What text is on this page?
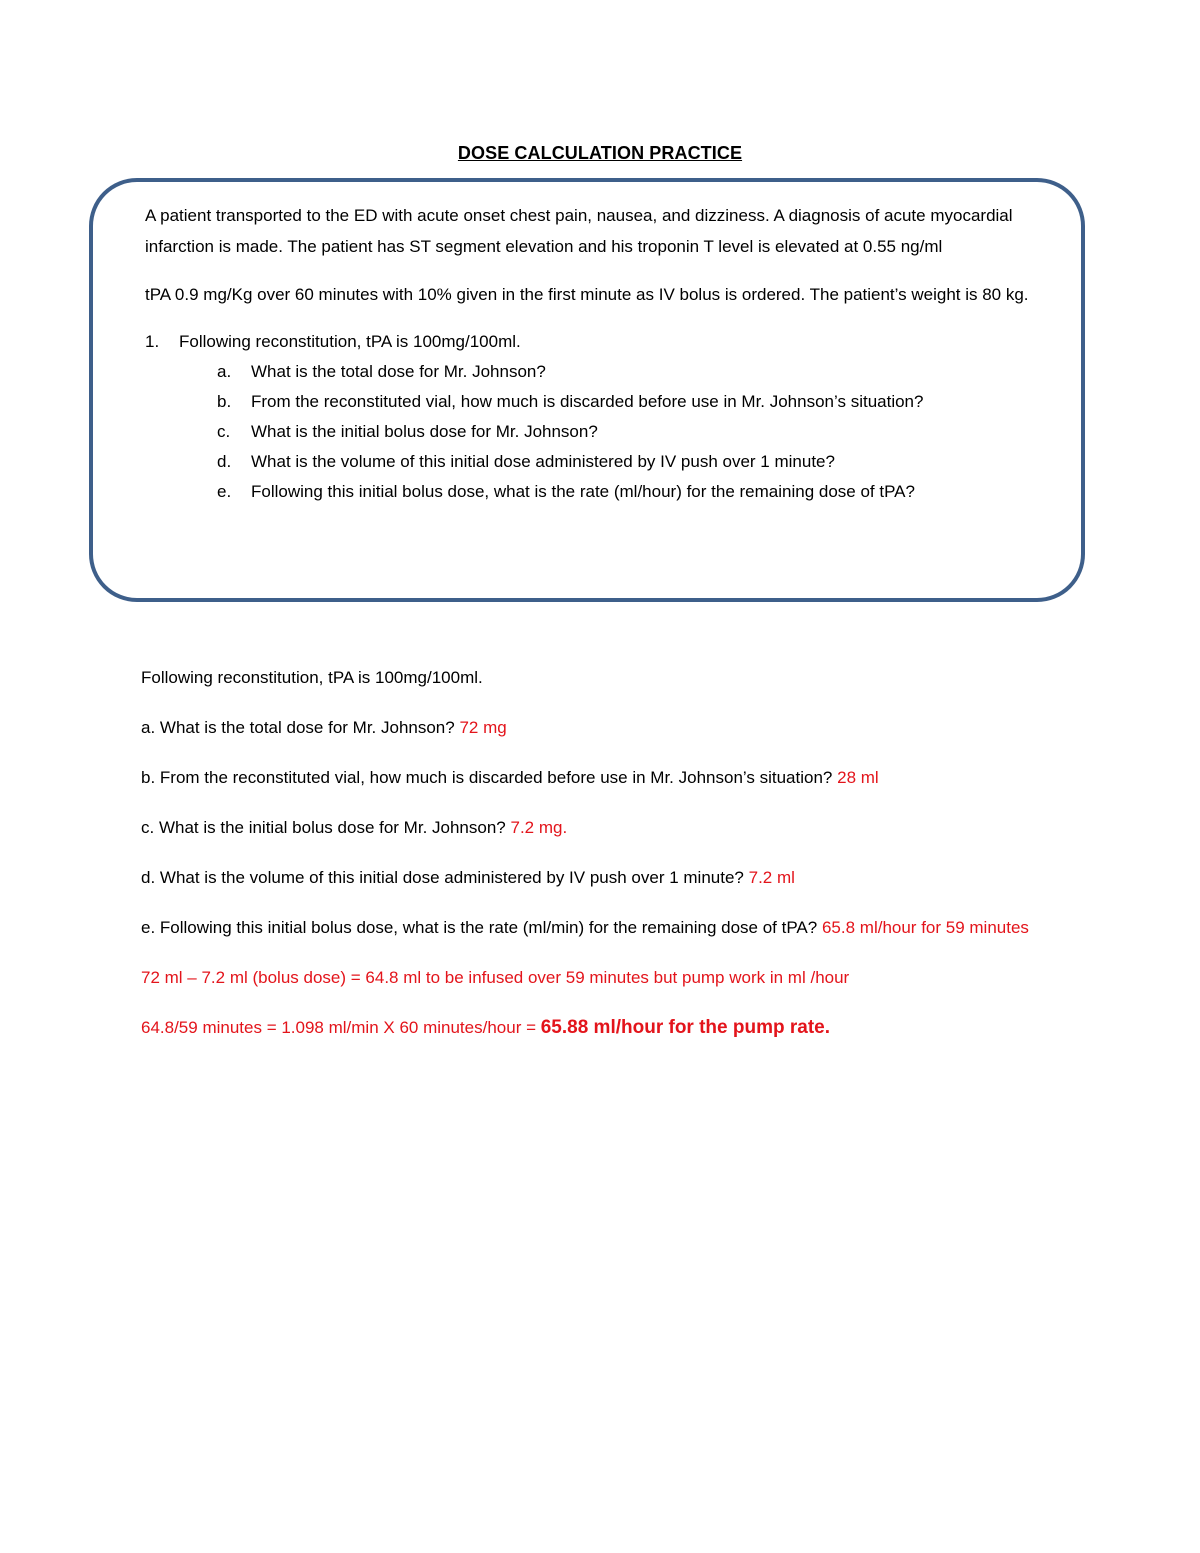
DOSE CALCULATION PRACTICE

A patient transported to the ED with acute onset chest pain, nausea, and dizziness. A diagnosis of acute myocardial infarction is made. The patient has ST segment elevation and his troponin T level is elevated at 0.55 ng/ml

tPA 0.9 mg/Kg over 60 minutes with 10% given in the first minute as IV bolus is ordered. The patient’s weight is 80 kg.

1. Following reconstitution, tPA is 100mg/100ml.
a. What is the total dose for Mr. Johnson?
b. From the reconstituted vial, how much is discarded before use in Mr. Johnson’s situation?
c. What is the initial bolus dose for Mr. Johnson?
d. What is the volume of this initial dose administered by IV push over 1 minute?
e. Following this initial bolus dose, what is the rate (ml/hour) for the remaining dose of tPA?

Following reconstitution, tPA is 100mg/100ml.

a. What is the total dose for Mr. Johnson? 72 mg

b. From the reconstituted vial, how much is discarded before use in Mr. Johnson’s situation? 28 ml

c. What is the initial bolus dose for Mr. Johnson? 7.2 mg.

d. What is the volume of this initial dose administered by IV push over 1 minute? 7.2 ml

e. Following this initial bolus dose, what is the rate (ml/min) for the remaining dose of tPA? 65.8 ml/hour for 59 minutes

72 ml – 7.2 ml (bolus dose) = 64.8 ml to be infused over 59 minutes but pump work in ml /hour

64.8/59 minutes = 1.098 ml/min X 60 minutes/hour = 65.88 ml/hour for the pump rate.
